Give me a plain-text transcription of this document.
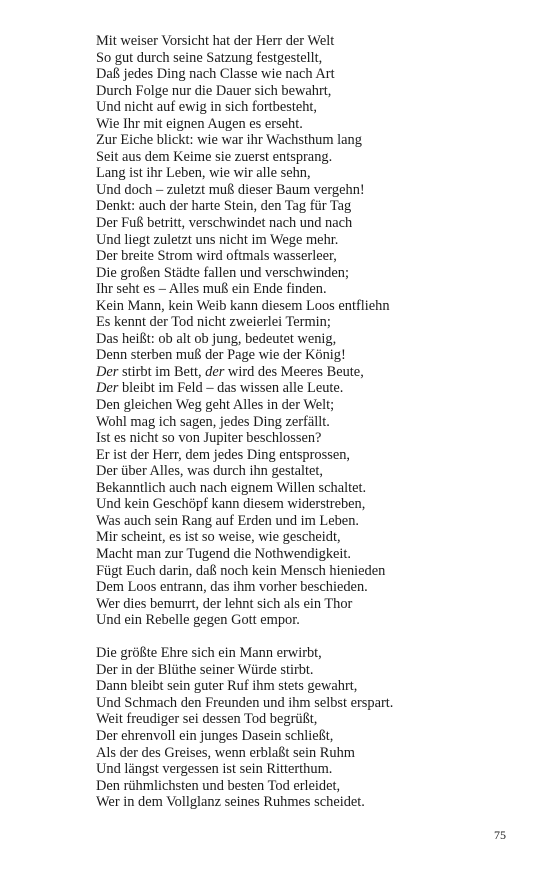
Mit weiser Vorsicht hat der Herr der Welt
So gut durch seine Satzung festgestellt,
Daß jedes Ding nach Classe wie nach Art
Durch Folge nur die Dauer sich bewahrt,
Und nicht auf ewig in sich fortbesteht,
Wie Ihr mit eignen Augen es erseht.
Zur Eiche blickt: wie war ihr Wachsthum lang
Seit aus dem Keime sie zuerst entsprang.
Lang ist ihr Leben, wie wir alle sehn,
Und doch – zuletzt muß dieser Baum vergehn!
Denkt: auch der harte Stein, den Tag für Tag
Der Fuß betritt, verschwindet nach und nach
Und liegt zuletzt uns nicht im Wege mehr.
Der breite Strom wird oftmals wasserleer,
Die großen Städte fallen und verschwinden;
Ihr seht es – Alles muß ein Ende finden.
Kein Mann, kein Weib kann diesem Loos entfliehn
Es kennt der Tod nicht zweierlei Termin;
Das heißt: ob alt ob jung, bedeutet wenig,
Denn sterben muß der Page wie der König!
Der stirbt im Bett, der wird des Meeres Beute,
Der bleibt im Feld – das wissen alle Leute.
Den gleichen Weg geht Alles in der Welt;
Wohl mag ich sagen, jedes Ding zerfällt.
Ist es nicht so von Jupiter beschlossen?
Er ist der Herr, dem jedes Ding entsprossen,
Der über Alles, was durch ihn gestaltet,
Bekanntlich auch nach eignem Willen schaltet.
Und kein Geschöpf kann diesem widerstreben,
Was auch sein Rang auf Erden und im Leben.
Mir scheint, es ist so weise, wie gescheidt,
Macht man zur Tugend die Nothwendigkeit.
Fügt Euch darin, daß noch kein Mensch hienieden
Dem Loos entrann, das ihm vorher beschieden.
Wer dies bemurrt, der lehnt sich als ein Thor
Und ein Rebelle gegen Gott empor.
Die größte Ehre sich ein Mann erwirbt,
Der in der Blüthe seiner Würde stirbt.
Dann bleibt sein guter Ruf ihm stets gewahrt,
Und Schmach den Freunden und ihm selbst erspart.
Weit freudiger sei dessen Tod begrüßt,
Der ehrenvoll ein junges Dasein schließt,
Als der des Greises, wenn erblaßt sein Ruhm
Und längst vergessen ist sein Ritterthum.
Den rühmlichsten und besten Tod erleidet,
Wer in dem Vollglanz seines Ruhmes scheidet.
75
